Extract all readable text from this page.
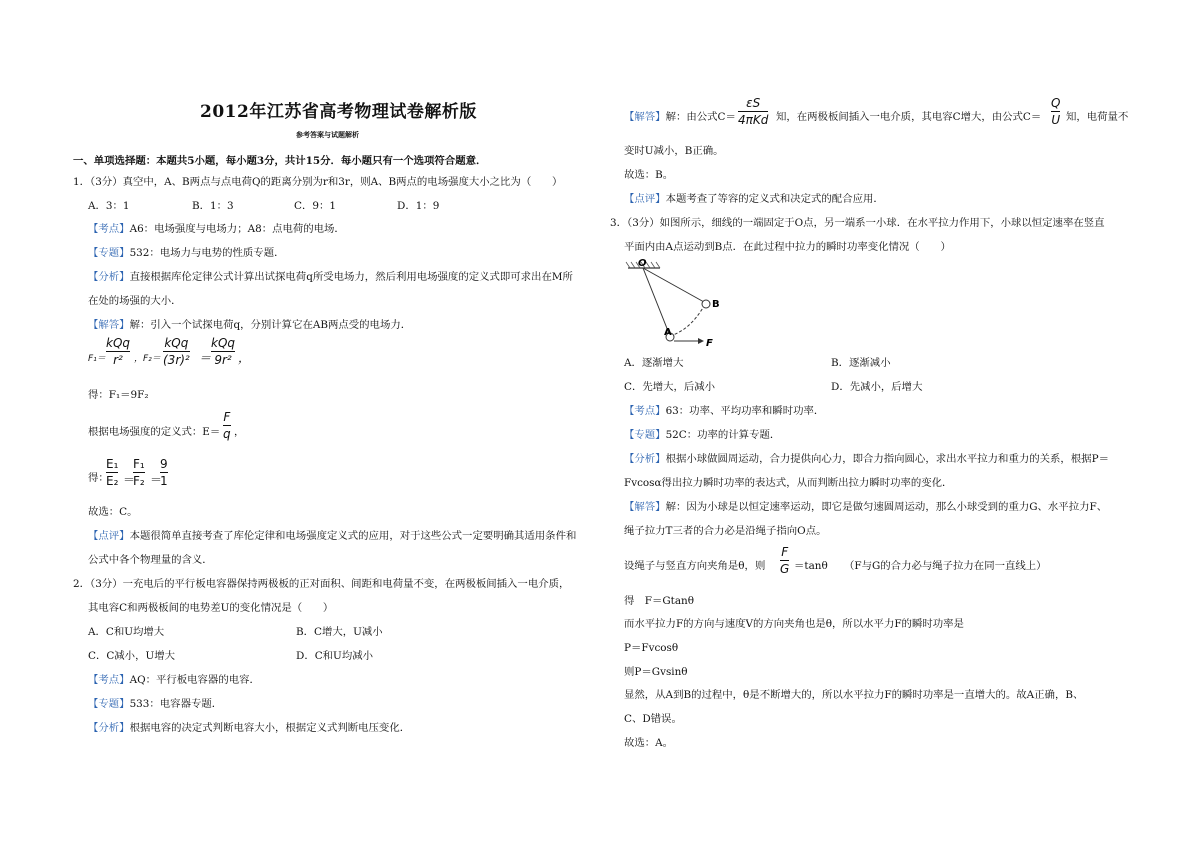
2012年江苏省高考物理试卷解析版
参考答案与试题解析
一、单项选择题：本题共5小题，每小题3分，共计15分．每小题只有一个选项符合题意．
1．（3分）真空中，A、B两点与点电荷Q的距离分别为r和3r，则A、B两点的电场强度大小之比为（　　）
A．3：1	B．1：3	C．9：1	D．1：9
【考点】A6：电场强度与电场力；A8：点电荷的电场．
【专题】532：电场力与电势的性质专题．
【分析】直接根据库伦定律公式计算出试探电荷q所受电场力，然后利用电场强度的定义式即可求出在M所
在处的场强的大小．
【解答】解：引入一个试探电荷q，分别计算它在AB两点受的电场力．
F₁＝
kQq
r²	，F₂＝
kQq
(3r)² ＝
kQq
9r² ，
得：F₁＝9F₂
根据电场强度的定义式：E＝
F
q ，
得：
E₁
E₂ ＝
F₁
F₂ ＝
9
1
故选：C。
【点评】本题很简单直接考查了库伦定律和电场强度定义式的应用，对于这些公式一定要明确其适用条件和
公式中各个物理量的含义．
2．（3分）一充电后的平行板电容器保持两极板的正对面积、间距和电荷量不变，在两极板间插入一电介质，
其电容C和两极板间的电势差U的变化情况是（　　）
A．C和U均增大	B．C增大，U减小
C．C减小，U增大	D．C和U均减小
【考点】AQ：平行板电容器的电容．
【专题】533：电容器专题．
【分析】根据电容的决定式判断电容大小，根据定义式判断电压变化．
【解答】解：由公式C＝
εS
4πKd 知，在两极板间插入一电介质，其电容C增大，由公式C＝
Q
U 知，电荷量不
变时U减小，B正确。
故选：B。
【点评】本题考查了等容的定义式和决定式的配合应用．
3．（3分）如图所示，细线的一端固定于O点，另一端系一小球．在水平拉力作用下，小球以恒定速率在竖直
平面内由A点运动到B点．在此过程中拉力的瞬时功率变化情况（　　）
O
B
A
F
A．逐渐增大	B．逐渐减小
C．先增大，后减小	D．先减小，后增大
【考点】63：功率、平均功率和瞬时功率．
【专题】52C：功率的计算专题．
【分析】根据小球做圆周运动，合力提供向心力，即合力指向圆心，求出水平拉力和重力的关系，根据P＝
Fvcosα得出拉力瞬时功率的表达式，从而判断出拉力瞬时功率的变化．
【解答】解：因为小球是以恒定速率运动，即它是做匀速圆周运动，那么小球受到的重力G、水平拉力F、
绳子拉力T三者的合力必是沿绳子指向O点。
设绳子与竖直方向夹角是θ，则
F
G ＝tanθ （F与G的合力必与绳子拉力在同一直线上）
得　F＝Gtanθ
而水平拉力F的方向与速度V的方向夹角也是θ，所以水平力F的瞬时功率是
P＝Fvcosθ
则P＝Gvsinθ
显然，从A到B的过程中，θ是不断增大的，所以水平拉力F的瞬时功率是一直增大的。故A正确，B、
C、D错误。
故选：A。
